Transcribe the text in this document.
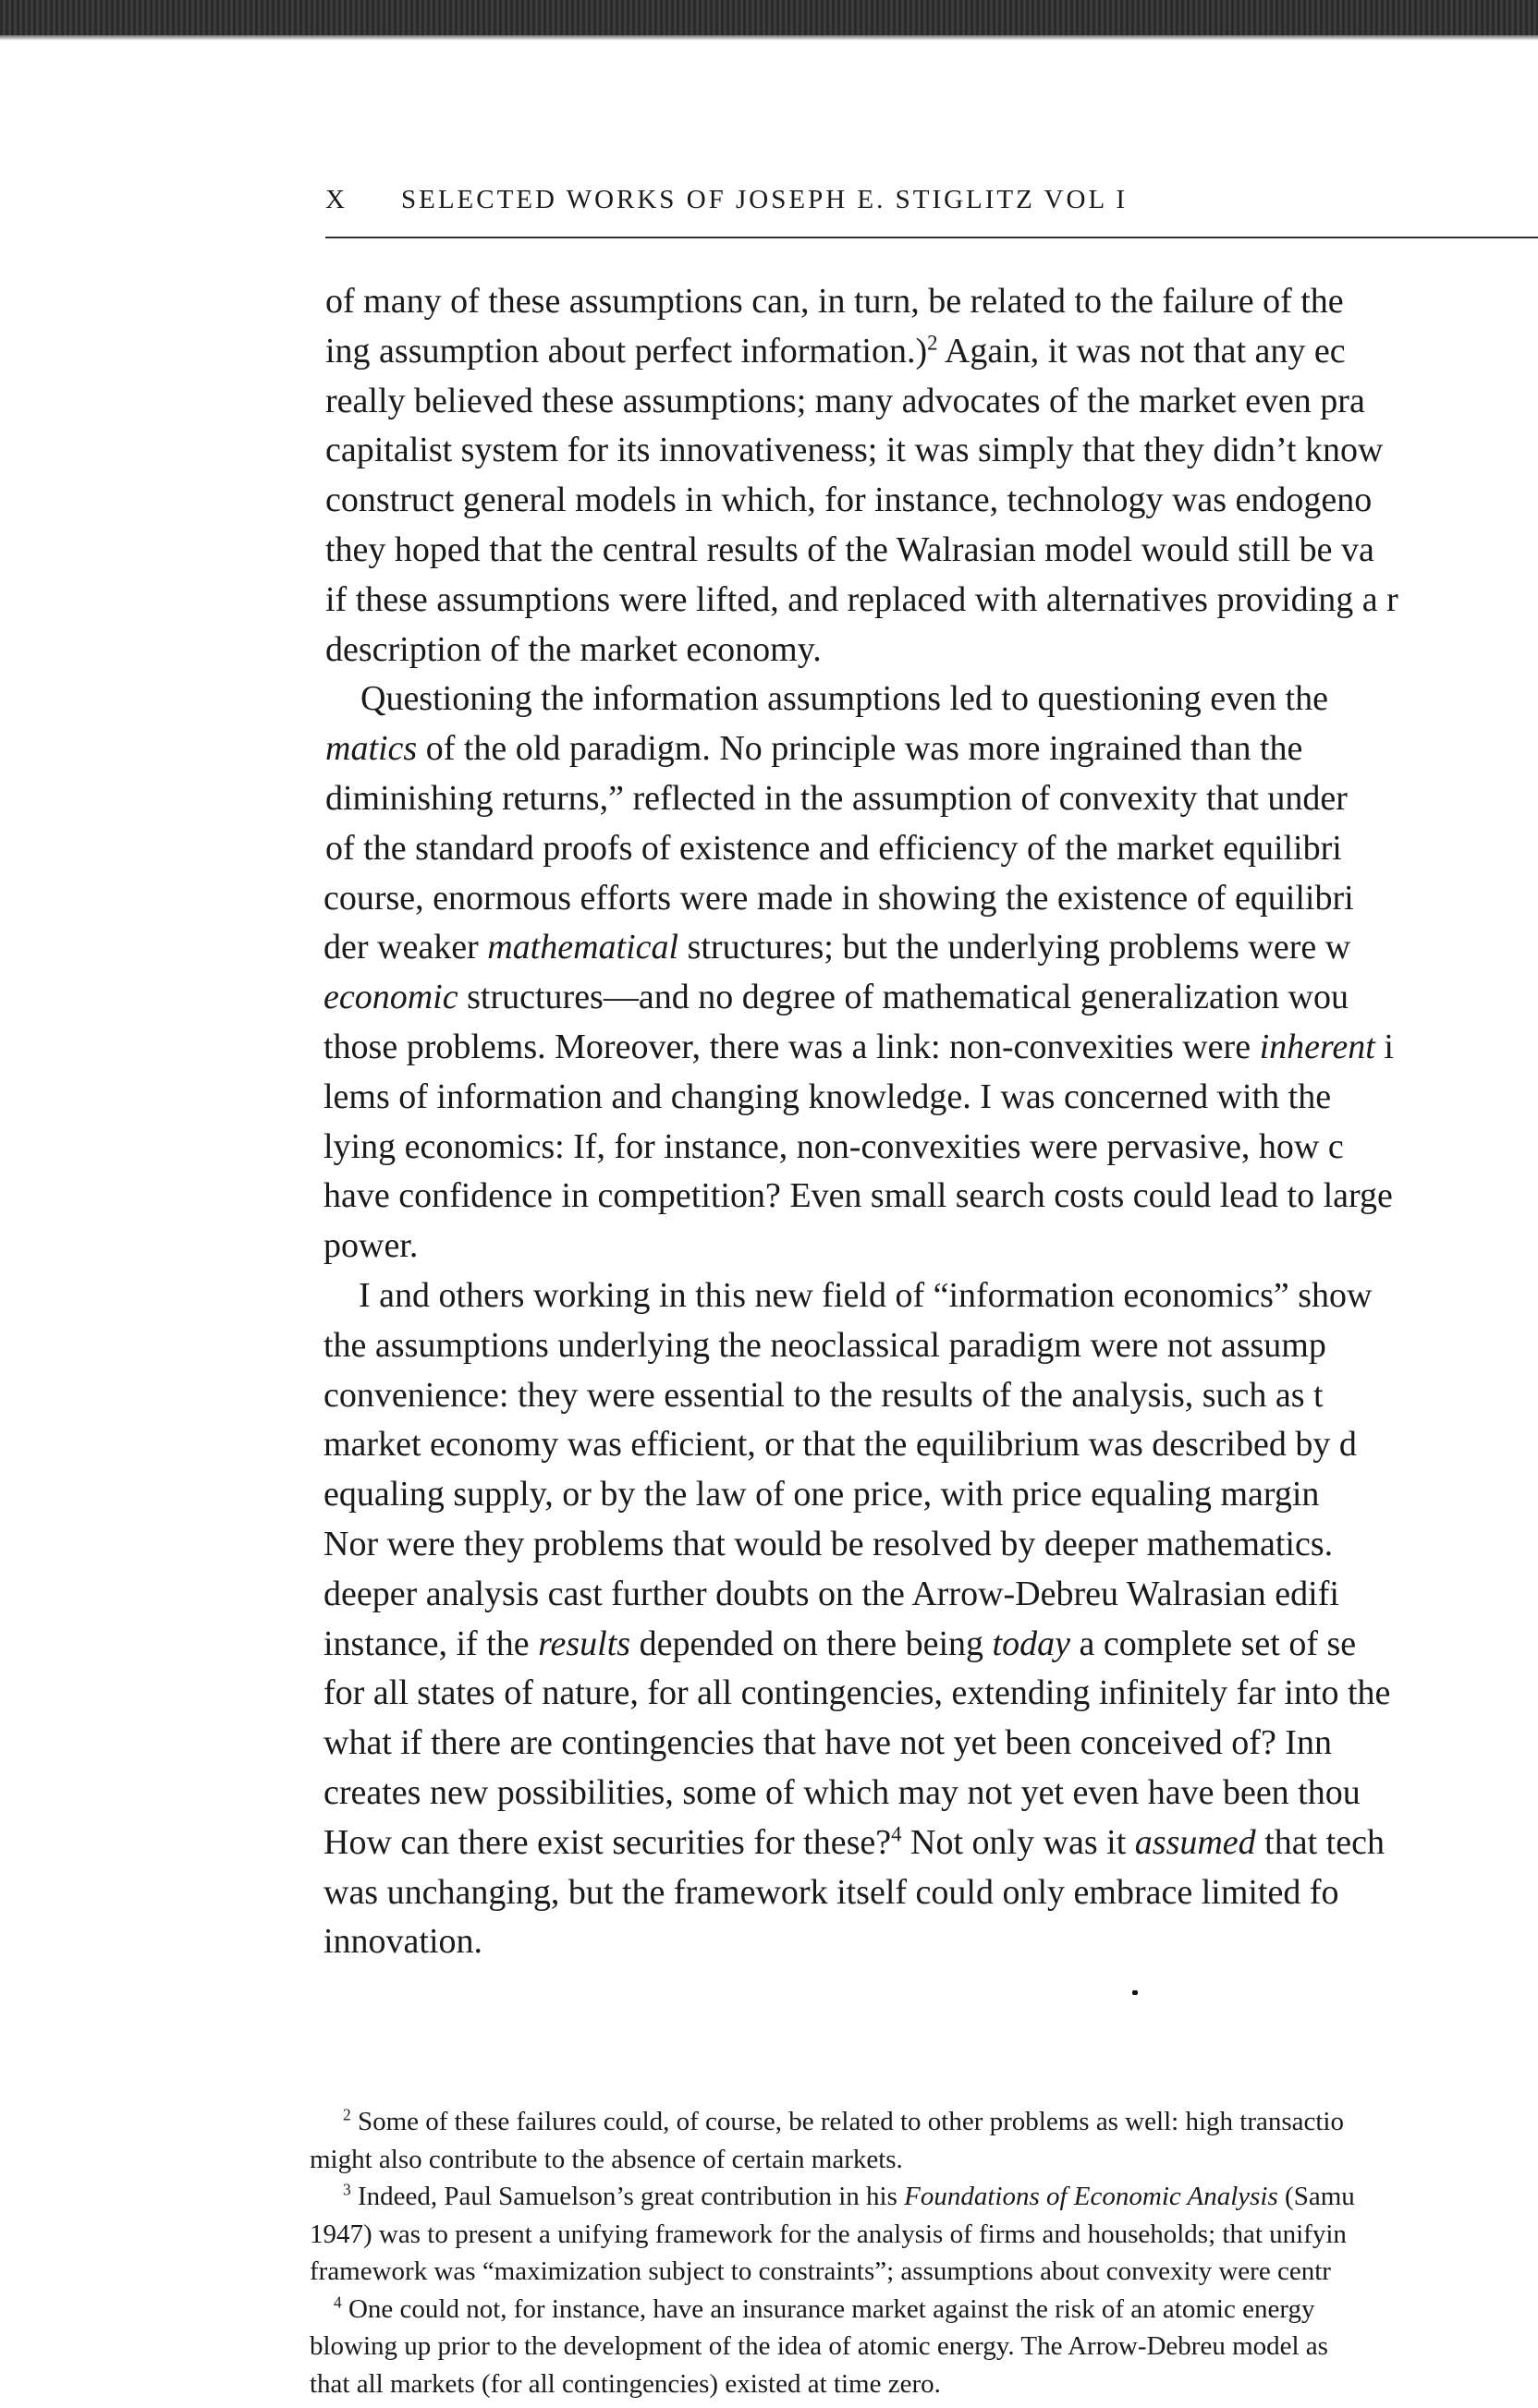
X SELECTED WORKS OF JOSEPH E. STIGLITZ VOL I
of many of these assumptions can, in turn, be related to the failure of the
ing assumption about perfect information.)$^2$ Again, it was not that any ec
really believed these assumptions; many advocates of the market even pra
capitalist system for its innovativeness; it was simply that they didn’t know
construct general models in which, for instance, technology was endogeno
they hoped that the central results of the Walrasian model would still be va
if these assumptions were lifted, and replaced with alternatives providing a r
description of the market economy.
Questioning the information assumptions led to questioning even the
matics of the old paradigm. No principle was more ingrained than the
diminishing returns,” reflected in the assumption of convexity that under
of the standard proofs of existence and efficiency of the market equilibri
course, enormous efforts were made in showing the existence of equilibri
der weaker mathematical structures; but the underlying problems were w
economic structures—and no degree of mathematical generalization wou
those problems. Moreover, there was a link: non-convexities were inherent i
lems of information and changing knowledge. I was concerned with the
lying economics: If, for instance, non-convexities were pervasive, how c
have confidence in competition? Even small search costs could lead to large
power.
I and others working in this new field of “information economics” show
the assumptions underlying the neoclassical paradigm were not assump
convenience: they were essential to the results of the analysis, such as t
market economy was efficient, or that the equilibrium was described by d
equaling supply, or by the law of one price, with price equaling margin
Nor were they problems that would be resolved by deeper mathematics.
deeper analysis cast further doubts on the Arrow-Debreu Walrasian edifi
instance, if the results depended on there being today a complete set of se
for all states of nature, for all contingencies, extending infinitely far into the
what if there are contingencies that have not yet been conceived of? Inn
creates new possibilities, some of which may not yet even have been thou
How can there exist securities for these?$^4$ Not only was it assumed that tech
was unchanging, but the framework itself could only embrace limited fo
innovation.
$^2$ Some of these failures could, of course, be related to other problems as well: high transactio
might also contribute to the absence of certain markets.
$^3$ Indeed, Paul Samuelson’s great contribution in his Foundations of Economic Analysis (Samu
1947) was to present a unifying framework for the analysis of firms and households; that unifyin
framework was “maximization subject to constraints”; assumptions about convexity were centr
$^4$ One could not, for instance, have an insurance market against the risk of an atomic energy
blowing up prior to the development of the idea of atomic energy. The Arrow-Debreu model as
that all markets (for all contingencies) existed at time zero.
